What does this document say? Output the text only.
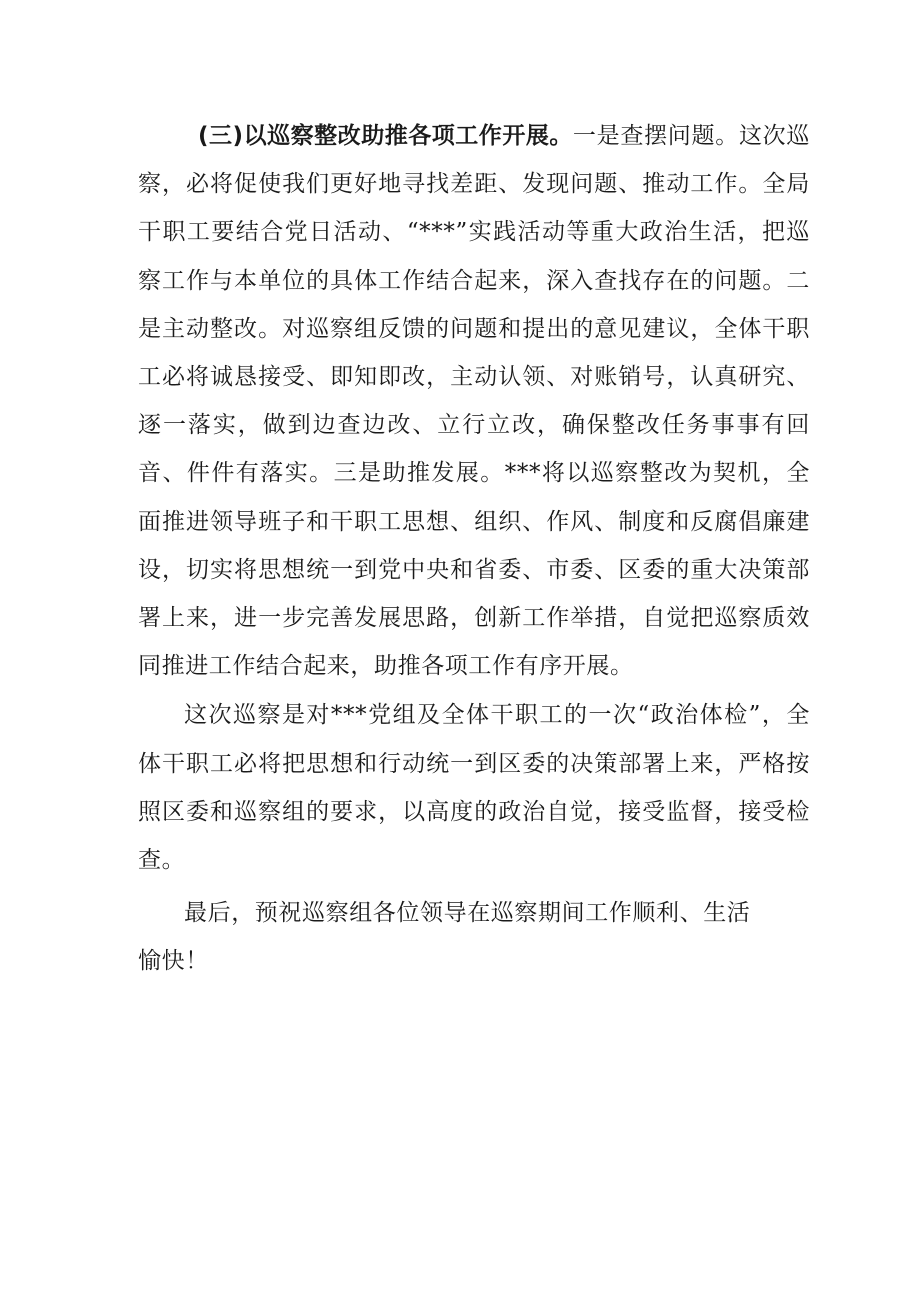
(三)以巡察整改助推各项工作开展。一是查摆问题。这次巡察，必将促使我们更好地寻找差距、发现问题、推动工作。全局干职工要结合党日活动、“***”实践活动等重大政治生活，把巡察工作与本单位的具体工作结合起来，深入查找存在的问题。二是主动整改。对巡察组反馈的问题和提出的意见建议，全体干职工必将诚恳接受、即知即改，主动认领、对账销号，认真研究、逐一落实，做到边查边改、立行立改，确保整改任务事事有回音、件件有落实。三是助推发展。***将以巡察整改为契机，全面推进领导班子和干职工思想、组织、作风、制度和反腐倡廉建设，切实将思想统一到党中央和省委、市委、区委的重大决策部署上来，进一步完善发展思路，创新工作举措，自觉把巡察质效同推进工作结合起来，助推各项工作有序开展。

这次巡察是对***党组及全体干职工的一次“政治体检”，全体干职工必将把思想和行动统一到区委的决策部署上来，严格按照区委和巡察组的要求，以高度的政治自觉，接受监督，接受检查。

最后，预祝巡察组各位领导在巡察期间工作顺利、生活
愉快！
